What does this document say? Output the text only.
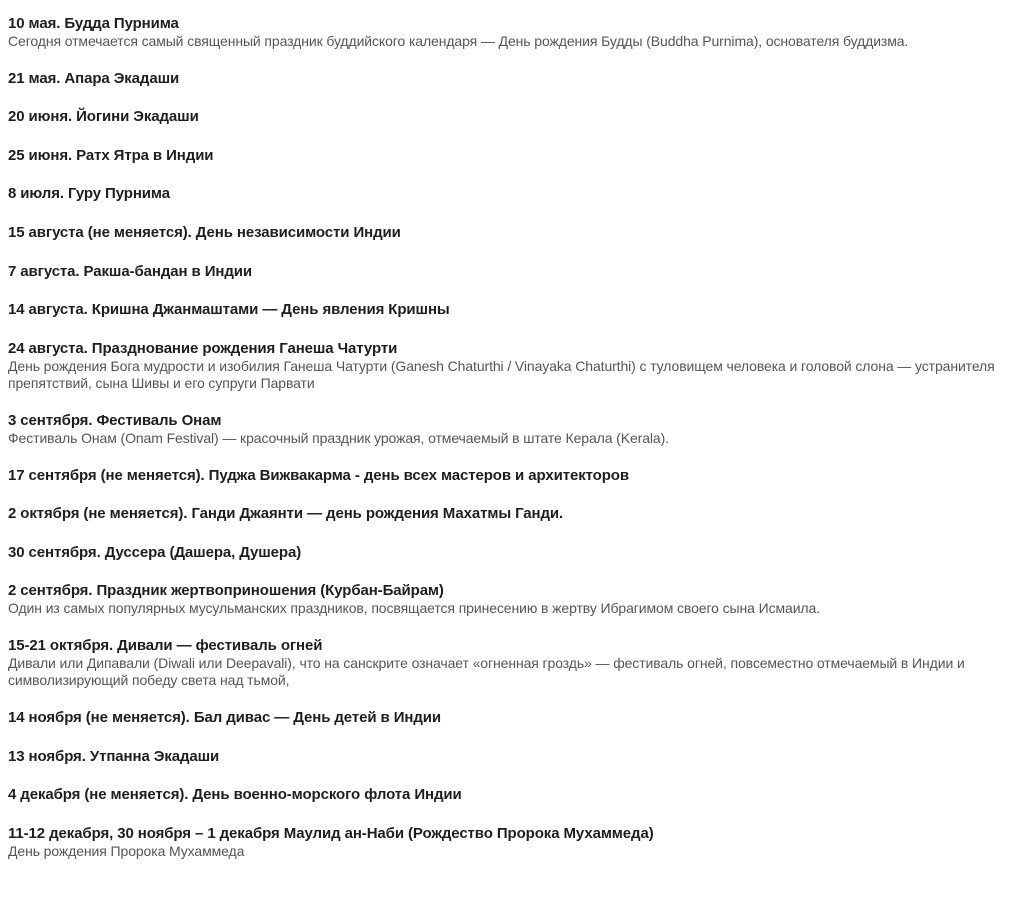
10 мая. Будда Пурнима
Сегодня отмечается самый священный праздник буддийского календаря — День рождения Будды (Buddha Purnima), основателя буддизма.
21 мая. Апара Экадаши
20 июня. Йогини Экадаши
25 июня. Ратх Ятра в Индии
8 июля. Гуру Пурнима
15 августа (не меняется). День независимости Индии
7 августа. Ракша-бандан в Индии
14 августа. Кришна Джанмаштами — День явления Кришны
24 августа. Празднование рождения Ганеша Чатурти
День рождения Бога мудрости и изобилия Ганеша Чатурти (Ganesh Chaturthi / Vinayaka Chaturthi) с туловищем человека и головой слона — устранителя препятствий, сына Шивы и его супруги Парвати
3 сентября. Фестиваль Онам
Фестиваль Онам (Onam Festival) — красочный праздник урожая, отмечаемый в штате Керала (Kerala).
17 сентября (не меняется). Пуджа Вижвакарма - день всех мастеров и архитекторов
2 октября (не меняется). Ганди Джаянти — день рождения Махатмы Ганди.
30 сентября. Дуссера (Дашера, Душера)
2 сентября. Праздник жертвоприношения (Курбан-Байрам)
Один из самых популярных мусульманских праздников, посвящается принесению в жертву Ибрагимом своего сына Исмаила.
15-21 октября. Дивали — фестиваль огней
Дивали или Дипавали (Diwali или Deepavali), что на санскрите означает «огненная гроздь» — фестиваль огней, повсеместно отмечаемый в Индии и символизирующий победу света над тьмой,
14 ноября (не меняется). Бал дивас — День детей в Индии
13 ноября. Утпанна Экадаши
4 декабря (не меняется). День военно-морского флота Индии
11-12 декабря, 30 ноября – 1 декабря Маулид ан-Наби (Рождество Пророка Мухаммеда)
День рождения Пророка Мухаммеда
